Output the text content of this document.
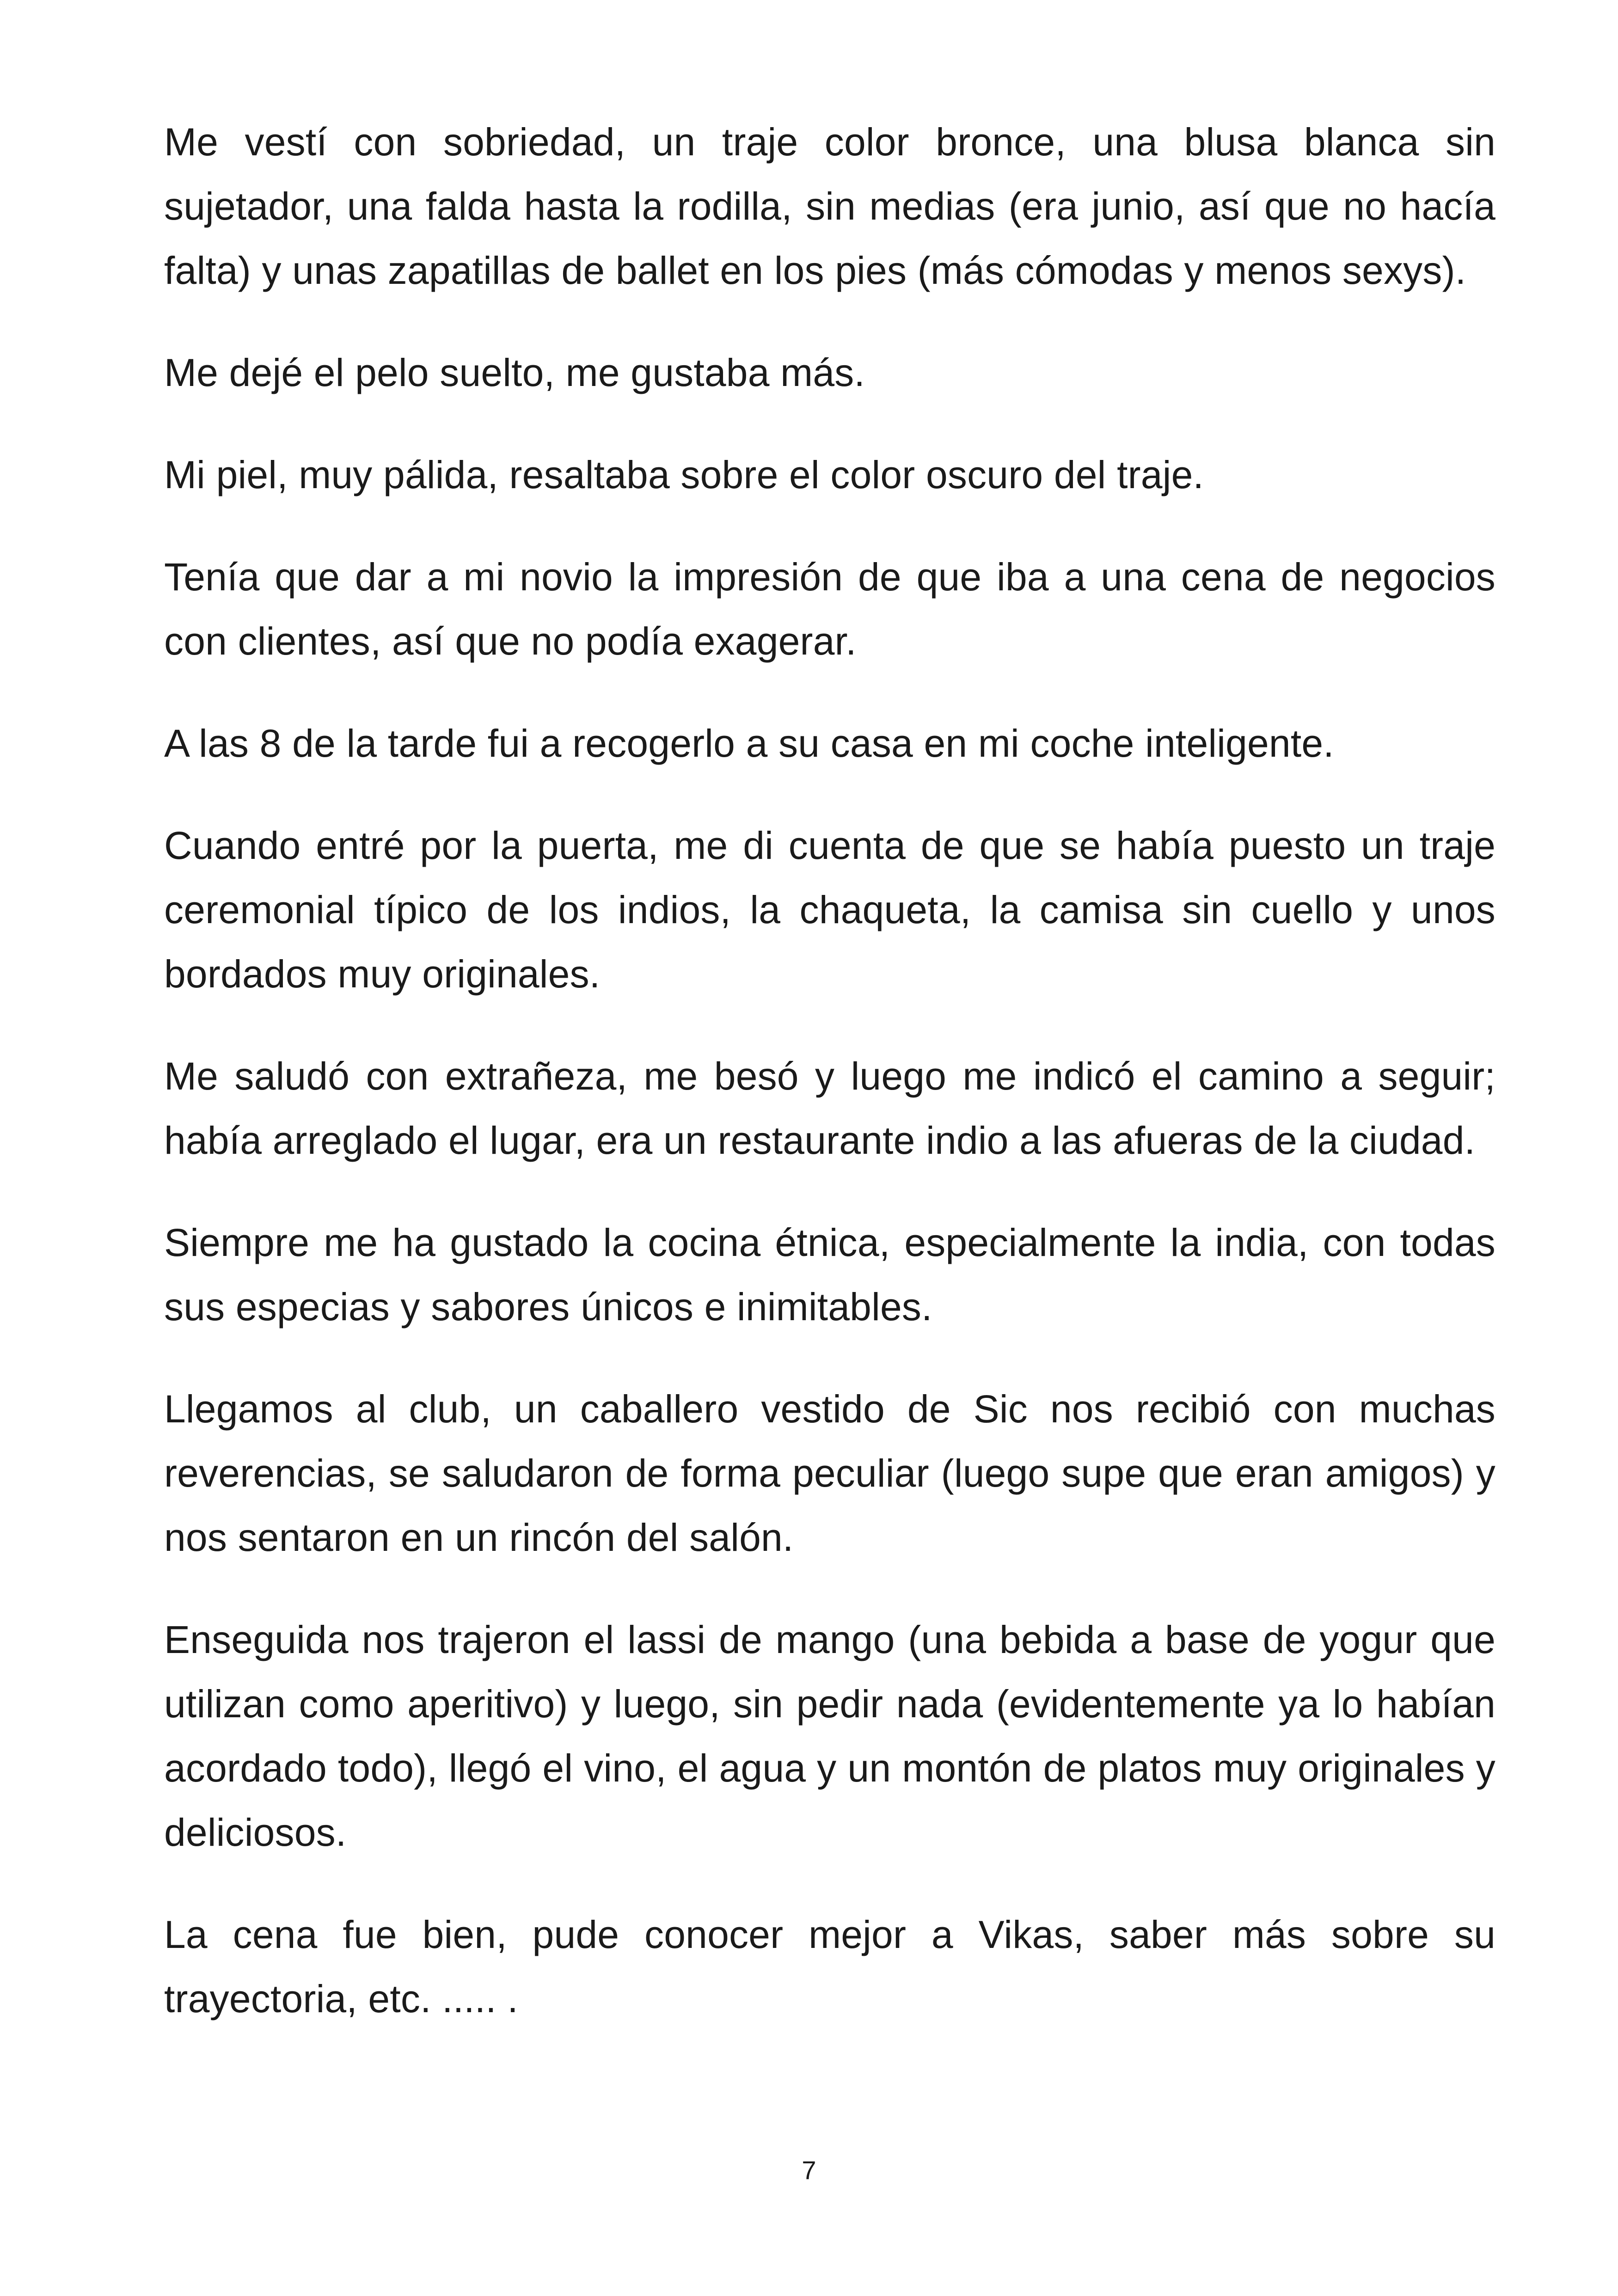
Me vestí con sobriedad, un traje color bronce, una blusa blanca sin sujetador, una falda hasta la rodilla, sin medias (era junio, así que no hacía falta) y unas zapatillas de ballet en los pies (más cómodas y menos sexys).

Me dejé el pelo suelto, me gustaba más.

Mi piel, muy pálida, resaltaba sobre el color oscuro del traje.

Tenía que dar a mi novio la impresión de que iba a una cena de negocios con clientes, así que no podía exagerar.

A las 8 de la tarde fui a recogerlo a su casa en mi coche inteligente.

Cuando entré por la puerta, me di cuenta de que se había puesto un traje ceremonial típico de los indios, la chaqueta, la camisa sin cuello y unos bordados muy originales.

Me saludó con extrañeza, me besó y luego me indicó el camino a seguir; había arreglado el lugar, era un restaurante indio a las afueras de la ciudad.

Siempre me ha gustado la cocina étnica, especialmente la india, con todas sus especias y sabores únicos e inimitables.

Llegamos al club, un caballero vestido de Sic nos recibió con muchas reverencias, se saludaron de forma peculiar (luego supe que eran amigos) y nos sentaron en un rincón del salón.

Enseguida nos trajeron el lassi de mango (una bebida a base de yogur que utilizan como aperitivo) y luego, sin pedir nada (evidentemente ya lo habían acordado todo), llegó el vino, el agua y un montón de platos muy originales y deliciosos.

La cena fue bien, pude conocer mejor a Vikas, saber más sobre su trayectoria, etc. ..... .

7
